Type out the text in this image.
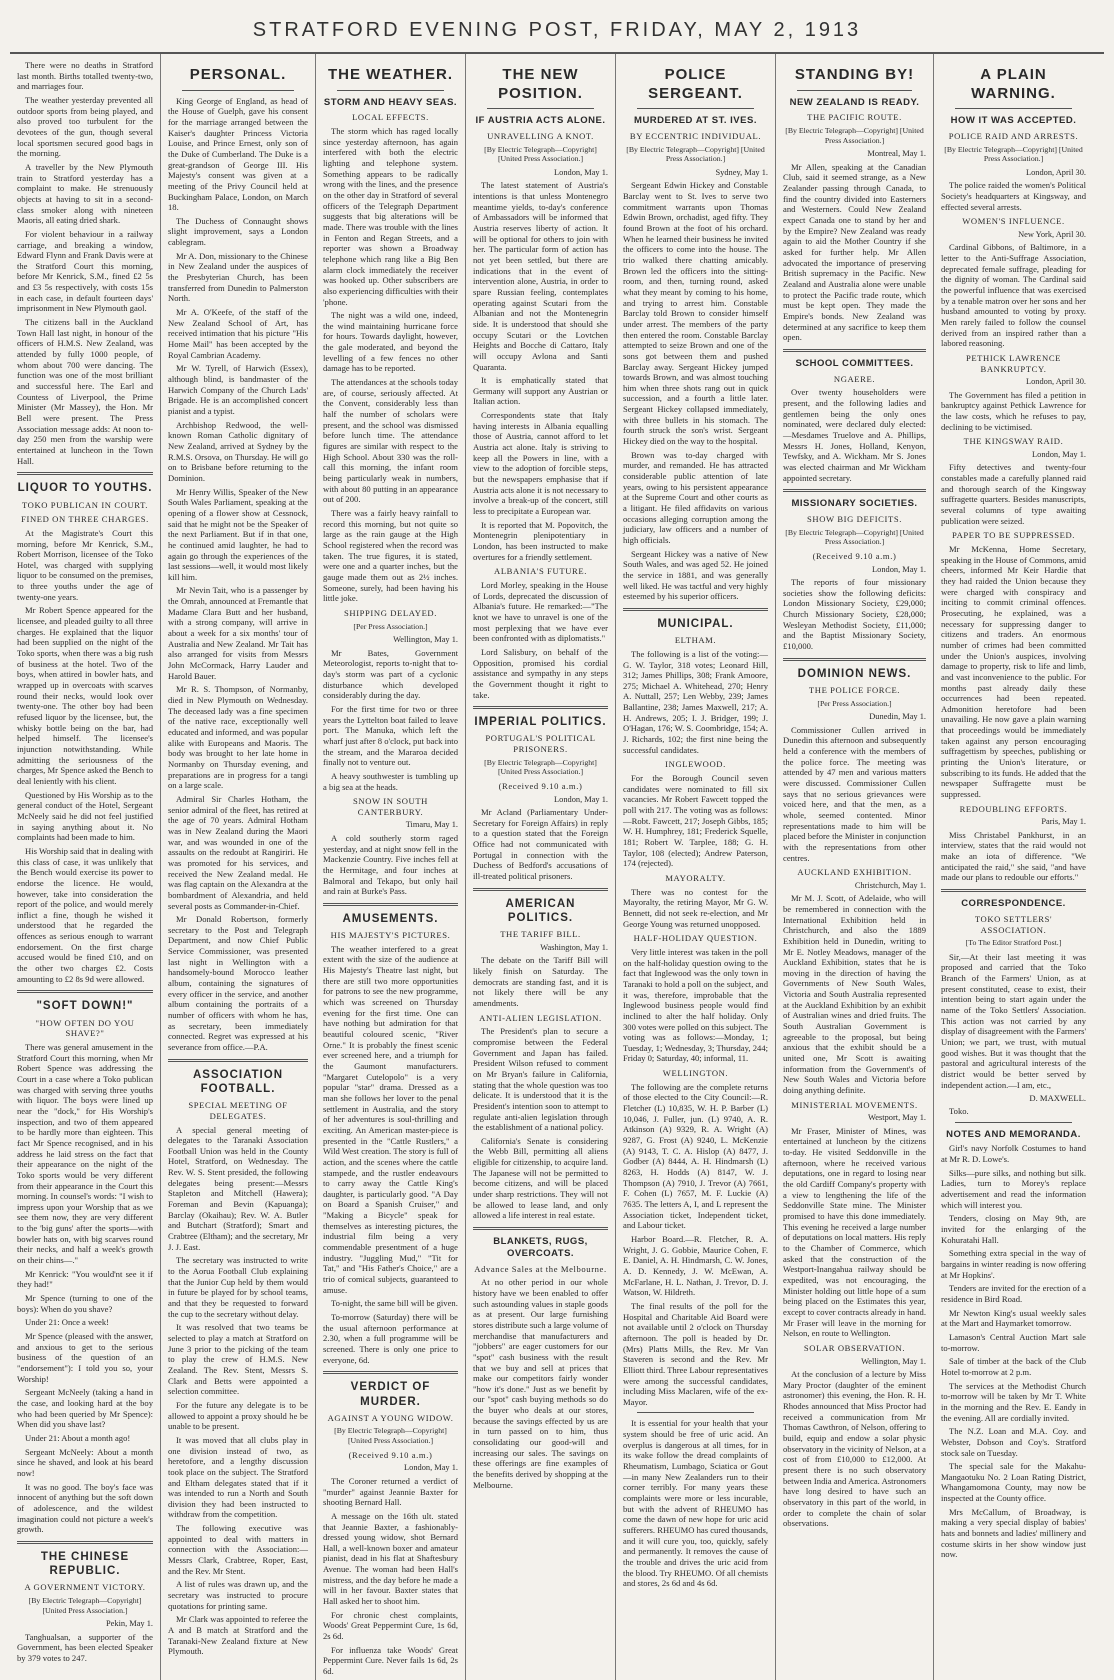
STRATFORD EVENING POST, FRIDAY, MAY 2, 1913

There were no deaths in Stratford last month. Births totalled twenty-two, and marriages four.

The weather yesterday prevented all outdoor sports from being played, and also proved too turbulent for the devotees of the gun, though several local sportsmen secured good bags in the morning.

A traveller by the New Plymouth train to Stratford yesterday has a complaint to make. He strenuously objects at having to sit in a second-class smoker along with nineteen Maoris, all eating dried shark.

For violent behaviour in a railway carriage, and breaking a window, Edward Flynn and Frank Davis were at the Stratford Court this morning, before Mr Kenrick, S.M., fined £2 5s and £3 5s respectively, with costs 15s in each case, in default fourteen days' imprisonment in New Plymouth gaol.

The citizens ball in the Auckland Town Hall last night, in honour of the officers of H.M.S. New Zealand, was attended by fully 1000 people, of whom about 700 were dancing. The function was one of the most brilliant and successful here. The Earl and Countess of Liverpool, the Prime Minister (Mr Massey), the Hon. Mr Bell were present. The Press Association message adds: At noon to-day 250 men from the warship were entertained at luncheon in the Town Hall.

LIQUOR TO YOUTHS.
TOKO PUBLICAN IN COURT.
FINED ON THREE CHARGES.

At the Magistrate's Court this morning, before Mr Kenrick, S.M., Robert Morrison, licensee of the Toko Hotel, was charged with supplying liquor to be consumed on the premises, to three youths under the age of twenty-one years.

Mr Robert Spence appeared for the licensee, and pleaded guilty to all three charges. He explained that the liquor had been supplied on the night of the Toko sports, when there was a big rush of business at the hotel. Two of the boys, when attired in bowler hats, and wrapped up in overcoats with scarves round their necks, would look over twenty-one. The other boy had been refused liquor by the licensee, but, the whisky bottle being on the bar, had helped himself. The licensee's injunction notwithstanding. While admitting the seriousness of the charges, Mr Spence asked the Bench to deal leniently with his client.

Questioned by His Worship as to the general conduct of the Hotel, Sergeant McNeely said he did not feel justified in saying anything about it. No complaints had been made to him.

His Worship said that in dealing with this class of case, it was unlikely that the Bench would exercise its power to endorse the licence. He would, however, take into consideration the report of the police, and would merely inflict a fine, though he wished it understood that he regarded the offences as serious enough to warrant endorsement. On the first charge accused would be fined £10, and on the other two charges £2. Costs amounting to £2 8s 9d were allowed.

"SOFT DOWN!"
"HOW OFTEN DO YOU SHAVE?"

There was general amusement in the Stratford Court this morning, when Mr Robert Spence was addressing the Court in a case where a Toko publican was charged with serving three youths with liquor. The boys were lined up near the "dock," for His Worship's inspection, and two of them appeared to be hardly more than eighteen. This fact Mr Spence recognised, and in his address he laid stress on the fact that their appearance on the night of the Toko sports would be very different from their appearance in the Court this morning. In counsel's words: "I wish to impress upon your Worship that as we see them now, they are very different to the 'big guns' after the sports—with bowler hats on, with big scarves round their necks, and half a week's growth on their chins—."

Mr Kenrick: "You would'nt see it if they had!"

Mr Spence (turning to one of the boys): When do you shave?

Under 21: Once a week!

Mr Spence (pleased with the answer, and anxious to get to the serious business of the question of an "endorsement"): I told you so, your Worship!

Sergeant McNeely (taking a hand in the case, and looking hard at the boy who had been queried by Mr Spence): When did you shave last?

Under 21: About a month ago!

Sergeant McNeely: About a month since he shaved, and look at his beard now!

It was no good. The boy's face was innocent of anything but the soft down of adolescence, and the wildest imagination could not picture a week's growth.

THE CHINESE REPUBLIC.
A GOVERNMENT VICTORY.
[By Electric Telegraph—Copyright] [United Press Association.]
Pekin, May 1.

Tanghualsan, a supporter of the Government, has been elected Speaker by 379 votes to 247.

PERSONAL.

King George of England, as head of the House of Guelph, gave his consent for the marriage arranged between the Kaiser's daughter Princess Victoria Louise, and Prince Ernest, only son of the Duke of Cumberland. The Duke is a great-grandson of George III. His Majesty's consent was given at a meeting of the Privy Council held at Buckingham Palace, London, on March 18.

The Duchess of Connaught shows slight improvement, says a London cablegram.

Mr A. Don, missionary to the Chinese in New Zealand under the auspices of the Presbyterian Church, has been transferred from Dunedin to Palmerston North.

Mr A. O'Keefe, of the staff of the New Zealand School of Art, has received intimation that his picture "His Home Mail" has been accepted by the Royal Cambrian Academy.

Mr W. Tyrell, of Harwich (Essex), although blind, is bandmaster of the Harwich Company of the Church Lads' Brigade. He is an accomplished concert pianist and a typist.

Archbishop Redwood, the well-known Roman Catholic dignitary of New Zealand, arrived at Sydney by the R.M.S. Orsova, on Thursday. He will go on to Brisbane before returning to the Dominion.

Mr Henry Willis, Speaker of the New South Wales Parliament, speaking at the opening of a flower show at Cessnock, said that he might not be the Speaker of the next Parliament. But if in that one, he continued amid laughter, he had to again go through the experiences of the last sessions—well, it would most likely kill him.

Mr Nevin Tait, who is a passenger by the Omrah, announced at Fremantle that Madame Clara Butt and her husband, with a strong company, will arrive in about a week for a six months' tour of Australia and New Zealand. Mr Tait has also arranged for visits from Messrs John McCormack, Harry Lauder and Harold Bauer.

Mr R. S. Thompson, of Normanby, died in New Plymouth on Wednesday. The deceased lady was a fine specimen of the native race, exceptionally well educated and informed, and was popular alike with Europeans and Maoris. The body was brought to her late home in Normanby on Thursday evening, and preparations are in progress for a tangi on a large scale.

Admiral Sir Charles Hotham, the senior admiral of the fleet, has retired at the age of 70 years. Admiral Hotham was in New Zealand during the Maori war, and was wounded in one of the assaults on the redoubt at Rangiriri. He was promoted for his services, and received the New Zealand medal. He was flag captain on the Alexandra at the bombardment of Alexandria, and held several posts as Commander-in-Chief.

Mr Donald Robertson, formerly secretary to the Post and Telegraph Department, and now Chief Public Service Commissioner, was presented last night in Wellington with a handsomely-bound Morocco leather album, containing the signatures of every officer in the service, and another album containing the portraits of a number of officers with whom he has, as secretary, been immediately connected. Regret was expressed at his severance from office.—P.A.

ASSOCIATION FOOTBALL.
SPECIAL MEETING OF DELEGATES.

A special general meeting of delegates to the Taranaki Association Football Union was held in the County Hotel, Stratford, on Wednesday. The Rev. W. S. Stent presided, the following delegates being present:—Messrs Stapleton and Mitchell (Hawera); Foreman and Bevin (Kapuanga); Barclay (Okaihau); Rev. W. A. Butler and Butchart (Stratford); Smart and Crabtree (Eltham); and the secretary, Mr J. J. East.

The secretary was instructed to write to the Aorua Football Club explaining that the Junior Cup held by them would in future be played for by school teams, and that they be requested to forward the cup to the secretary without delay.

It was resolved that two teams be selected to play a match at Stratford on June 3 prior to the picking of the team to play the crew of H.M.S. New Zealand. The Rev. Stent, Messrs S. Clark and Betts were appointed a selection committee.

For the future any delegate is to be allowed to appoint a proxy should he be unable to be present.

It was moved that all clubs play in one division instead of two, as heretofore, and a lengthy discussion took place on the subject. The Stratford and Eltham delegates stated that if it was intended to run a North and South division they had been instructed to withdraw from the competition.

The following executive was appointed to deal with matters in connection with the Association:—Messrs Clark, Crabtree, Roper, East, and the Rev. Mr Stent.

A list of rules was drawn up, and the secretary was instructed to procure quotations for printing same.

Mr Clark was appointed to referee the A and B match at Stratford and the Taranaki-New Zealand fixture at New Plymouth.

THE WEATHER.
STORM AND HEAVY SEAS.
LOCAL EFFECTS.

The storm which has raged locally since yesterday afternoon, has again interfered with both the electric lighting and telephone system. Something appears to be radically wrong with the lines, and the presence on the other day in Stratford of several officers of the Telegraph Department suggests that big alterations will be made. There was trouble with the lines in Fenton and Regan Streets, and a reporter was shown a Broadway telephone which rang like a Big Ben alarm clock immediately the receiver was hooked up. Other subscribers are also experiencing difficulties with their 'phone.

The night was a wild one, indeed, the wind maintaining hurricane force for hours. Towards daylight, however, the gale moderated, and beyond the levelling of a few fences no other damage has to be reported.

The attendances at the schools today are, of course, seriously affected. At the Convent, considerably less than half the number of scholars were present, and the school was dismissed before lunch time. The attendance figures are similar with respect to the High School. About 330 was the roll-call this morning, the infant room being particularly weak in numbers, with about 80 putting in an appearance out of 200.

There was a fairly heavy rainfall to record this morning, but not quite so large as the rain gauge at the High School registered when the record was taken. The true figures, it is stated, were one and a quarter inches, but the gauge made them out as 2½ inches. Someone, surely, had been having his little joke.

SHIPPING DELAYED.
[Per Press Association.]
Wellington, May 1.

Mr Bates, Government Meteorologist, reports to-night that to-day's storm was part of a cyclonic disturbance which developed considerably during the day.

For the first time for two or three years the Lyttelton boat failed to leave port. The Manuka, which left the wharf just after 8 o'clock, put back into the stream, and the Mararoa decided finally not to venture out.

A heavy southwester is tumbling up a big sea at the heads.

SNOW IN SOUTH CANTERBURY.
Timaru, May 1.

A cold southerly storm raged yesterday, and at night snow fell in the Mackenzie Country. Five inches fell at the Hermitage, and four inches at Balmoral and Tekapo, but only hail and rain at Burke's Pass.

AMUSEMENTS.
HIS MAJESTY'S PICTURES.

The weather interfered to a great extent with the size of the audience at His Majesty's Theatre last night, but there are still two more opportunities for patrons to see the new programme, which was screened on Thursday evening for the first time. One can have nothing but admiration for that beautiful coloured scenic, "River Orne." It is probably the finest scenic ever screened here, and a triumph for the Gaumont manufacturers. "Margaret Cutelopolo" is a very popular "star" drama. Dressed as a man she follows her lover to the penal settlement in Australia, and the story of her adventures is soul-thrilling and exciting. An American master-piece is presented in the "Cattle Rustlers," a Wild West creation. The story is full of action, and the scenes where the cattle stampede, and the rustler endeavours to carry away the Cattle King's daughter, is particularly good. "A Day on Board a Spanish Cruiser," and "Making a Bicycle" speak for themselves as interesting pictures, the industrial film being a very commendable presentment of a huge industry. "Juggling Mud," "Tit for Tat," and "His Father's Choice," are a trio of comical subjects, guaranteed to amuse.

To-night, the same bill will be given.

To-morrow (Saturday) there will be the usual afternoon performance at 2.30, when a full programme will be screened. There is only one price to everyone, 6d.

VERDICT OF MURDER.
AGAINST A YOUNG WIDOW.
[By Electric Telegraph—Copyright] [United Press Association.]
(Received 9.10 a.m.)
London, May 1.

The Coroner returned a verdict of "murder" against Jeannie Baxter for shooting Bernard Hall.

A message on the 16th ult. stated that Jeannie Baxter, a fashionably-dressed young widow, shot Bernard Hall, a well-known boxer and amateur pianist, dead in his flat at Shaftesbury Avenue. The woman had been Hall's mistress, and the day before he made a will in her favour. Baxter states that Hall asked her to shoot him.

For chronic chest complaints, Woods' Great Peppermint Cure, 1s 6d, 2s 6d.

For influenza take Woods' Great Peppermint Cure. Never fails 1s 6d, 2s 6d.

THE NEW POSITION.
IF AUSTRIA ACTS ALONE.
UNRAVELLING A KNOT.
[By Electric Telegraph—Copyright] [United Press Association.]
London, May 1.

The latest statement of Austria's intentions is that unless Montenegro meantime yields, to-day's conference of Ambassadors will be informed that Austria reserves liberty of action. It will be optional for others to join with her. The particular form of action has not yet been settled, but there are indications that in the event of intervention alone, Austria, in order to spare Russian feeling, contemplates operating against Scutari from the Albanian and not the Montenegrin side. It is understood that should she occupy Scutari or the Lovtchen Heights and Bocche di Cattaro, Italy will occupy Avlona and Santi Quaranta.

It is emphatically stated that Germany will support any Austrian or Italian action.

Correspondents state that Italy having interests in Albania equalling those of Austria, cannot afford to let Austria act alone. Italy is striving to keep all the Powers in line, with a view to the adoption of forcible steps, but the newspapers emphasise that if Austria acts alone it is not necessary to involve a break-up of the concert, still less to precipitate a European war.

It is reported that M. Popovitch, the Montenegrin plenipotentiary in London, has been instructed to make overtures for a friendly settlement.

ALBANIA'S FUTURE.

Lord Morley, speaking in the House of Lords, deprecated the discussion of Albania's future. He remarked:—"The knot we have to unravel is one of the most perplexing that we have ever been confronted with as diplomatists."

Lord Salisbury, on behalf of the Opposition, promised his cordial assistance and sympathy in any steps the Government thought it right to take.

IMPERIAL POLITICS.
PORTUGAL'S POLITICAL PRISONERS.
[By Electric Telegraph—Copyright] [United Press Association.]
(Received 9.10 a.m.)
London, May 1.

Mr Acland (Parliamentary Under-Secretary for Foreign Affairs) in reply to a question stated that the Foreign Office had not communicated with Portugal in connection with the Duchess of Bedford's accusations of ill-treated political prisoners.

AMERICAN POLITICS.
THE TARIFF BILL.
Washington, May 1.

The debate on the Tariff Bill will likely finish on Saturday. The democrats are standing fast, and it is not likely there will be any amendments.

ANTI-ALIEN LEGISLATION.

The President's plan to secure a compromise between the Federal Government and Japan has failed. President Wilson refused to comment on Mr Bryan's failure in California, stating that the whole question was too delicate. It is understood that it is the President's intention soon to attempt to regulate anti-alien legislation through the establishment of a national policy.

California's Senate is considering the Webb Bill, permitting all aliens eligible for citizenship, to acquire land. The Japanese will not be permitted to become citizens, and will be placed under sharp restrictions. They will not be allowed to lease land, and only allowed a life interest in real estate.

BLANKETS, RUGS, OVERCOATS.
Advance Sales at the Melbourne.

At no other period in our whole history have we been enabled to offer such astounding values in staple goods as at present. Our large furnishing stores distribute such a large volume of merchandise that manufacturers and "jobbers" are eager customers for our "spot" cash business with the result that we buy and sell at prices that make our competitors fairly wonder "how it's done." Just as we benefit by our "spot" cash buying methods so do the buyer who deals at our stores, because the savings effected by us are in turn passed on to him, thus consolidating our good-will and increasing our sales. The savings on these offerings are fine examples of the benefits derived by shopping at the Melbourne.

POLICE SERGEANT.
MURDERED AT ST. IVES.
BY ECCENTRIC INDIVIDUAL.
[By Electric Telegraph—Copyright] [United Press Association.]
Sydney, May 1.

Sergeant Edwin Hickey and Constable Barclay went to St. Ives to serve two commitment warrants upon Thomas Edwin Brown, orchadist, aged fifty. They found Brown at the foot of his orchard. When he learned their business he invited the officers to come into the house. The trio walked there chatting amicably. Brown led the officers into the sitting-room, and then, turning round, asked what they meant by coming to his home, and trying to arrest him. Constable Barclay told Brown to consider himself under arrest. The members of the party then entered the room. Constable Barclay attempted to seize Brown and one of the sons got between them and pushed Barclay away. Sergeant Hickey jumped towards Brown, and was almost touching him when three shots rang out in quick succession, and a fourth a little later. Sergeant Hickey collapsed immediately, with three bullets in his stomach. The fourth struck the son's wrist. Sergeant Hickey died on the way to the hospital.

Brown was to-day charged with murder, and remanded. He has attracted considerable public attention of late years, owing to his persistent appearance at the Supreme Court and other courts as a litigant. He filed affidavits on various occasions alleging corruption among the judiciary, law officers and a number of high officials.

Sergeant Hickey was a native of New South Wales, and was aged 52. He joined the service in 1881, and was generally well liked. He was tactful and very highly esteemed by his superior officers.

MUNICIPAL.
ELTHAM.

The following is a list of the voting:—G. W. Taylor, 318 votes; Leonard Hill, 312; James Phillips, 308; Frank Amoore, 275; Michael A. Whitehead, 270; Henry A. Nuttall, 257; Len Webby, 239; James Ballantine, 238; James Maxwell, 217; A. H. Andrews, 205; I. J. Bridger, 199; J. O'Hagan, 176; W. S. Coombridge, 154; A. J. Richards, 102; the first nine being the successful candidates.

INGLEWOOD.

For the Borough Council seven candidates were nominated to fill six vacancies. Mr Robert Fawcett topped the poll with 217. The voting was as follows:—Robt. Fawcett, 217; Joseph Gibbs, 185; W. H. Humphrey, 181; Frederick Squelle, 181; Robert W. Tarplee, 188; G. H. Taylor, 108 (elected); Andrew Paterson, 174 (rejected).

MAYORALTY.

There was no contest for the Mayoralty, the retiring Mayor, Mr G. W. Bennett, did not seek re-election, and Mr George Young was returned unopposed.

HALF-HOLIDAY QUESTION.

Very little interest was taken in the poll on the half-holiday question owing to the fact that Inglewood was the only town in Taranaki to hold a poll on the subject, and it was, therefore, improbable that the Inglewood business people would find inclined to alter the half holiday. Only 300 votes were polled on this subject. The voting was as follows:—Monday, 1; Tuesday, 1; Wednesday, 3; Thursday, 244; Friday 0; Saturday, 40; informal, 11.

WELLINGTON.

The following are the complete returns of those elected to the City Council:—R. Fletcher (L) 10,835, W. H. P. Barber (L) 10,046, J. Fuller, jun. (L) 9740, A. R. Atkinson (A) 9329, R. A. Wright (A) 9287, G. Frost (A) 9240, L. McKenzie (A) 9143, T. C. A. Hislop (A) 8477, J. Godber (A) 8444, A. H. Hindmarsh (L) 8263, H. Hodds (A) 8147, W. J. Thompson (A) 7910, J. Trevor (A) 7661, F. Cohen (L) 7657, M. F. Luckie (A) 7635. The letters A, I, and L represent the Association ticket, Independent ticket, and Labour ticket.

Harbor Board.—R. Fletcher, R. A. Wright, J. G. Gobbie, Maurice Cohen, F. E. Daniel, A. H. Hindmarsh, C. W. Jones, A. D. Kennedy, J. W. McEwan, A. McFarlane, H. L. Nathan, J. Trevor, D. J. Watson, W. Hildreth.

The final results of the poll for the Hospital and Charitable Aid Board were not available until 2 o'clock on Thursday afternoon. The poll is headed by Dr. (Mrs) Platts Mills, the Rev. Mr Van Staveren is second and the Rev. Mr Elliott third. Three Labour representatives were among the successful candidates, including Miss Maclaren, wife of the ex-Mayor.

It is essential for your health that your system should be free of uric acid. An overplus is dangerous at all times, for in its wake follow the dread complaints of Rheumatism, Lumbago, Sciatica or Gout—in many New Zealanders run to their corner terribly. For many years these complaints were more or less incurable, but with the advent of RHEUMO has come the dawn of new hope for uric acid sufferers. RHEUMO has cured thousands, and it will cure you, too, quickly, safely and permanently. It removes the cause of the trouble and drives the uric acid from the blood. Try RHEUMO. Of all chemists and stores, 2s 6d and 4s 6d.

STANDING BY!
NEW ZEALAND IS READY.
THE PACIFIC ROUTE.
[By Electric Telegraph—Copyright] [United Press Association.]
Montreal, May 1.

Mr Allen, speaking at the Canadian Club, said it seemed strange, as a New Zealander passing through Canada, to find the country divided into Easterners and Westerners. Could New Zealand expect Canada one to stand by her and by the Empire? New Zealand was ready again to aid the Mother Country if she asked for further help. Mr Allen advocated the importance of preserving British supremacy in the Pacific. New Zealand and Australia alone were unable to protect the Pacific trade route, which must be kept open. They made the Empire's bonds. New Zealand was determined at any sacrifice to keep them open.

SCHOOL COMMITTEES.
NGAERE.

Over twenty householders were present, and the following ladies and gentlemen being the only ones nominated, were declared duly elected:—Mesdames Truelove and A. Phillips, Messrs H. Jones, Holland, Kenyon, Tewfsky, and A. Wickham. Mr S. Jones was elected chairman and Mr Wickham appointed secretary.

MISSIONARY SOCIETIES.
SHOW BIG DEFICITS.
[By Electric Telegraph—Copyright] [United Press Association.]
(Received 9.10 a.m.)
London, May 1.

The reports of four missionary societies show the following deficits: London Missionary Society, £29,000; Church Missionary Society, £28,000; Wesleyan Methodist Society, £11,000; and the Baptist Missionary Society, £10,000.

DOMINION NEWS.
THE POLICE FORCE.
[Per Press Association.]
Dunedin, May 1.

Commissioner Cullen arrived in Dunedin this afternoon and subsequently held a conference with the members of the police force. The meeting was attended by 47 men and various matters were discussed. Commissioner Cullen says that no serious grievances were voiced here, and that the men, as a whole, seemed contented. Minor representations made to him will be placed before the Minister in conjunction with the representations from other centres.

AUCKLAND EXHIBITION.
Christchurch, May 1.

Mr M. J. Scott, of Adelaide, who will be remembered in connection with the International Exhibition held in Christchurch, and also the 1889 Exhibition held in Dunedin, writing to Mr E. Notley Meadows, manager of the Auckland Exhibition, states that he is moving in the direction of having the Governments of New South Wales, Victoria and South Australia represented at the Auckland Exhibition by an exhibit of Australian wines and dried fruits. The South Australian Government is agreeable to the proposal, but being anxious that the exhibit should be a united one, Mr Scott is awaiting information from the Government's of New South Wales and Victoria before doing anything definite.

MINISTERIAL MOVEMENTS.
Westport, May 1.

Mr Fraser, Minister of Mines, was entertained at luncheon by the citizens to-day. He visited Seddonville in the afternoon, where he received various deputations, one in regard to losing near the old Cardiff Company's property with a view to lengthening the life of the Seddonville State mine. The Minister promised to have this done immediately. This evening he received a large number of deputations on local matters. His reply to the Chamber of Commerce, which asked that the construction of the Westport-Inangahua railway should be expedited, was not encouraging, the Minister holding out little hope of a sum being placed on the Estimates this year, except to cover contracts already in hand. Mr Fraser will leave in the morning for Nelson, en route to Wellington.

SOLAR OBSERVATION.
Wellington, May 1.

At the conclusion of a lecture by Miss Mary Proctor (daughter of the eminent astronomer) this evening, the Hon. R. H. Rhodes announced that Miss Proctor had received a communication from Mr Thomas Cawthron, of Nelson, offering to build, equip and endow a solar physic observatory in the vicinity of Nelson, at a cost of from £10,000 to £12,000. At present there is no such observatory between India and America. Astronomers have long desired to have such an observatory in this part of the world, in order to complete the chain of solar observations.

A PLAIN WARNING.
HOW IT WAS ACCEPTED.
POLICE RAID AND ARRESTS.
[By Electric Telegraph—Copyright] [United Press Association.]
London, April 30.

The police raided the women's Political Society's headquarters at Kingsway, and effected several arrests.

WOMEN'S INFLUENCE.
New York, April 30.

Cardinal Gibbons, of Baltimore, in a letter to the Anti-Suffrage Association, deprecated female suffrage, pleading for the dignity of woman. The Cardinal said the powerful influence that was exercised by a tenable matron over her sons and her husband amounted to voting by proxy. Men rarely failed to follow the counsel derived from an inspired rather than a labored reasoning.

PETHICK LAWRENCE BANKRUPTCY.
London, April 30.

The Government has filed a petition in bankruptcy against Pethick Lawrence for the law costs, which he refuses to pay, declining to be victimised.

THE KINGSWAY RAID.
London, May 1.

Fifty detectives and twenty-four constables made a carefully planned raid and thorough search of the Kingsway suffragette quarters. Besides manuscripts, several columns of type awaiting publication were seized.

PAPER TO BE SUPPRESSED.

Mr McKenna, Home Secretary, speaking in the House of Commons, amid cheers, informed Mr Keir Hardie that they had raided the Union because they were charged with conspiracy and inciting to commit criminal offences. Prosecuting, he explained, was a necessary for suppressing danger to citizens and traders. An enormous number of crimes had been committed under the Union's auspices, involving damage to property, risk to life and limb, and vast inconvenience to the public. For months past already daily these occurrences had been repeated. Admonition heretofore had been unavailing. He now gave a plain warning that proceedings would be immediately taken against any person encouraging suffragettism by speeches, publishing or printing the Union's literature, or subscribing to its funds. He added that the newspaper Suffragette must be suppressed.

REDOUBLING EFFORTS.
Paris, May 1.

Miss Christabel Pankhurst, in an interview, states that the raid would not make an iota of difference. "We anticipated the raid," she said, "and have made our plans to redouble our efforts."

CORRESPONDENCE.
TOKO SETTLERS' ASSOCIATION.
[To The Editor Stratford Post.]

Sir,—At their last meeting it was proposed and carried that the Toko Branch of the Farmers' Union, as at present constituted, cease to exist, their intention being to start again under the name of the Toko Settlers' Association. This action was not carried by any display of disagreement with the Farmers' Union; we part, we trust, with mutual good wishes. But it was thought that the pastoral and agricultural interests of the district would be better served by independent action.—I am, etc.,

D. MAXWELL.

Toko.

NOTES AND MEMORANDA.

Girl's navy Norfolk Costumes to hand at Mr R. D. Lowe's.

Silks—pure silks, and nothing but silk. Ladies, turn to Morey's replace advertisement and read the information which will interest you.

Tenders, closing on May 9th, are invited for the enlarging of the Kohuratahi Hall.

Something extra special in the way of bargains in winter reading is now offering at Mr Hopkins'.

Tenders are invited for the erection of a residence in Bird Road.

Mr Newton King's usual weekly sales at the Mart and Haymarket tomorrow.

Lamason's Central Auction Mart sale to-morrow.

Sale of timber at the back of the Club Hotel to-morrow at 2 p.m.

The services at the Methodist Church to-morrow will be taken by Mr T. White in the morning and the Rev. E. Eandy in the evening. All are cordially invited.

The N.Z. Loan and M.A. Coy. and Webster, Dobson and Coy's. Stratford stock sale on Tuesday.

The special sale for the Makahu-Mangaotuku No. 2 Loan Rating District, Whangamomona County, may now be inspected at the County office.

Mrs McCallum, of Broadway, is making a very special display of babies' hats and bonnets and ladies' millinery and costume skirts in her show window just now.
